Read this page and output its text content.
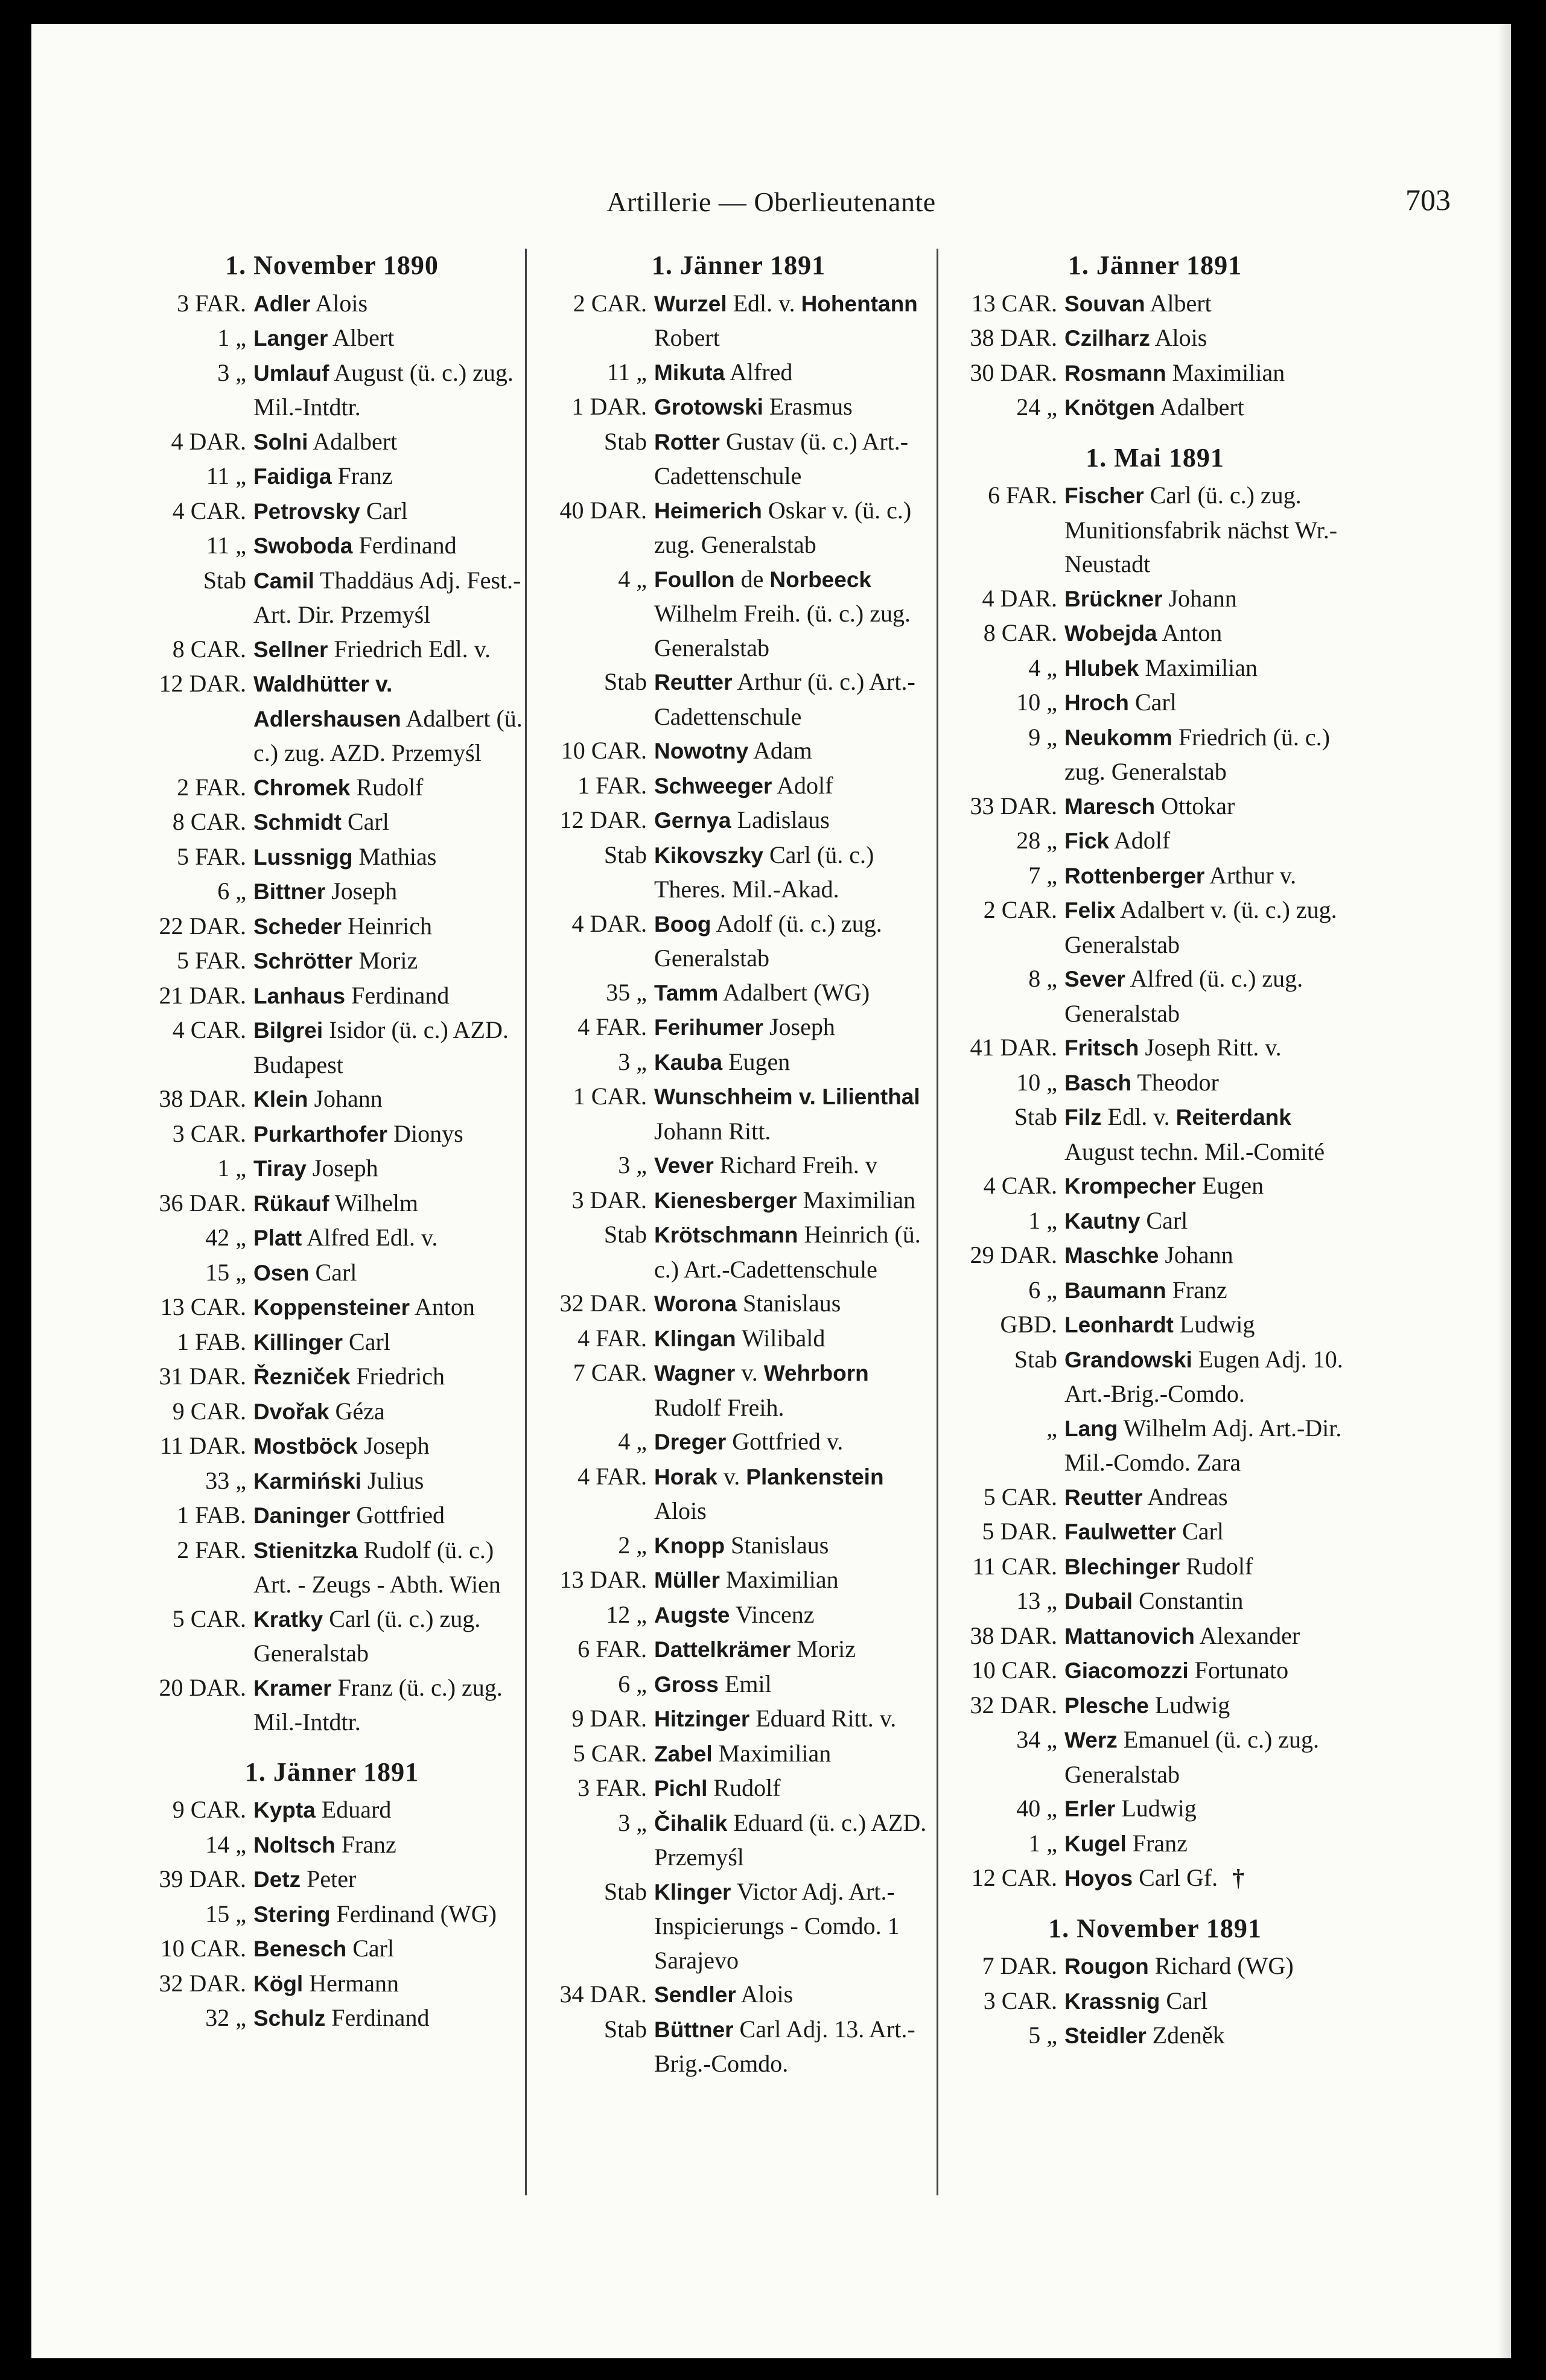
Artillerie — Oberlieutenante	703
1. November 1890
3 FAR. Adler Alois
1 „ Langer Albert
3 „ Umlauf August (ü. c.) zug. Mil.-Intdtr.
4 DAR. Solni Adalbert
11 „ Faidiga Franz
4 CAR. Petrovsky Carl
11 „ Swoboda Ferdinand
Stab Camil Thaddäus Adj. Fest.-Art. Dir. Przemyśl
8 CAR. Sellner Friedrich Edl. v.
12 DAR. Waldhütter v. Adlershausen Adalbert (ü. c.) zug. AZD. Przemyśl
2 FAR. Chromek Rudolf
8 CAR. Schmidt Carl
5 FAR. Lussnigg Mathias
6 „ Bittner Joseph
22 DAR. Scheder Heinrich
5 FAR. Schrötter Moriz
21 DAR. Lanhaus Ferdinand
4 CAR. Bilgrei Isidor (ü. c.) AZD. Budapest
38 DAR. Klein Johann
3 CAR. Purkarthofer Dionys
1 „ Tiray Joseph
36 DAR. Rükauf Wilhelm
42 „ Platt Alfred Edl. v.
15 „ Osen Carl
13 CAR. Koppensteiner Anton
1 FAB. Killinger Carl
31 DAR. Řezniček Friedrich
9 CAR. Dvořak Géza
11 DAR. Mostböck Joseph
33 „ Karmiński Julius
1 FAB. Daninger Gottfried
2 FAR. Stienitzka Rudolf (ü. c.) Art. - Zeugs - Abth. Wien
5 CAR. Kratky Carl (ü. c.) zug. Generalstab
20 DAR. Kramer Franz (ü. c.) zug. Mil.-Intdtr.
1. Jänner 1891
9 CAR. Kypta Eduard
14 „ Noltsch Franz
39 DAR. Detz Peter
15 „ Stering Ferdinand (WG)
10 CAR. Benesch Carl
32 DAR. Kögl Hermann
32 „ Schulz Ferdinand
1. Jänner 1891
2 CAR. Wurzel Edl. v. Hohentann Robert
11 „ Mikuta Alfred
1 DAR. Grotowski Erasmus
Stab Rotter Gustav (ü. c.) Art.-Cadettenschule
40 DAR. Heimerich Oskar v. (ü. c.) zug. Generalstab
4 „ Foullon de Norbeeck Wilhelm Freih. (ü. c.) zug. Generalstab
Stab Reutter Arthur (ü. c.) Art.-Cadettenschule
10 CAR. Nowotny Adam
1 FAR. Schweeger Adolf
12 DAR. Gernya Ladislaus
Stab Kikovszky Carl (ü. c.) Theres. Mil.-Akad.
4 DAR. Boog Adolf (ü. c.) zug. Generalstab
35 „ Tamm Adalbert (WG)
4 FAR. Ferihumer Joseph
3 „ Kauba Eugen
1 CAR. Wunschheim v. Lilienthal Johann Ritt.
3 „ Vever Richard Freih. v
3 DAR. Kienesberger Maximilian
Stab Krötschmann Heinrich (ü. c.) Art.-Cadettenschule
32 DAR. Worona Stanislaus
4 FAR. Klingan Wilibald
7 CAR. Wagner v. Wehrborn Rudolf Freih.
4 „ Dreger Gottfried v.
4 FAR. Horak v. Plankenstein Alois
2 „ Knopp Stanislaus
13 DAR. Müller Maximilian
12 „ Augste Vincenz
6 FAR. Dattelkrämer Moriz
6 „ Gross Emil
9 DAR. Hitzinger Eduard Ritt. v.
5 CAR. Zabel Maximilian
3 FAR. Pichl Rudolf
3 „ Čihalik Eduard (ü. c.) AZD. Przemyśl
Stab Klinger Victor Adj. Art.-Inspicierungs - Comdo. 1 Sarajevo
34 DAR. Sendler Alois
Stab Büttner Carl Adj. 13. Art.-Brig.-Comdo.
1. Jänner 1891
13 CAR. Souvan Albert
38 DAR. Czilharz Alois
30 DAR. Rosmann Maximilian
24 „ Knötgen Adalbert
1. Mai 1891
6 FAR. Fischer Carl (ü. c.) zug. Munitionsfabrik nächst Wr.-Neustadt
4 DAR. Brückner Johann
8 CAR. Wobejda Anton
4 „ Hlubek Maximilian
10 „ Hroch Carl
9 „ Neukomm Friedrich (ü. c.) zug. Generalstab
33 DAR. Maresch Ottokar
28 „ Fick Adolf
7 „ Rottenberger Arthur v.
2 CAR. Felix Adalbert v. (ü. c.) zug. Generalstab
8 „ Sever Alfred (ü. c.) zug. Generalstab
41 DAR. Fritsch Joseph Ritt. v.
10 „ Basch Theodor
Stab Filz Edl. v. Reiterdank August techn. Mil.-Comité
4 CAR. Krompecher Eugen
1 „ Kautny Carl
29 DAR. Maschke Johann
6 „ Baumann Franz
GBD. Leonhardt Ludwig
Stab Grandowski Eugen Adj. 10. Art.-Brig.-Comdo.
„ Lang Wilhelm Adj. Art.-Dir. Mil.-Comdo. Zara
5 CAR. Reutter Andreas
5 DAR. Faulwetter Carl
11 CAR. Blechinger Rudolf
13 „ Dubail Constantin
38 DAR. Mattanovich Alexander
10 CAR. Giacomozzi Fortunato
32 DAR. Plesche Ludwig
34 „ Werz Emanuel (ü. c.) zug. Generalstab
40 „ Erler Ludwig
1 „ Kugel Franz
12 CAR. Hoyos Carl Gf. †
1. November 1891
7 DAR. Rougon Richard (WG)
3 CAR. Krassnig Carl
5 „ Steidler Zdeněk
